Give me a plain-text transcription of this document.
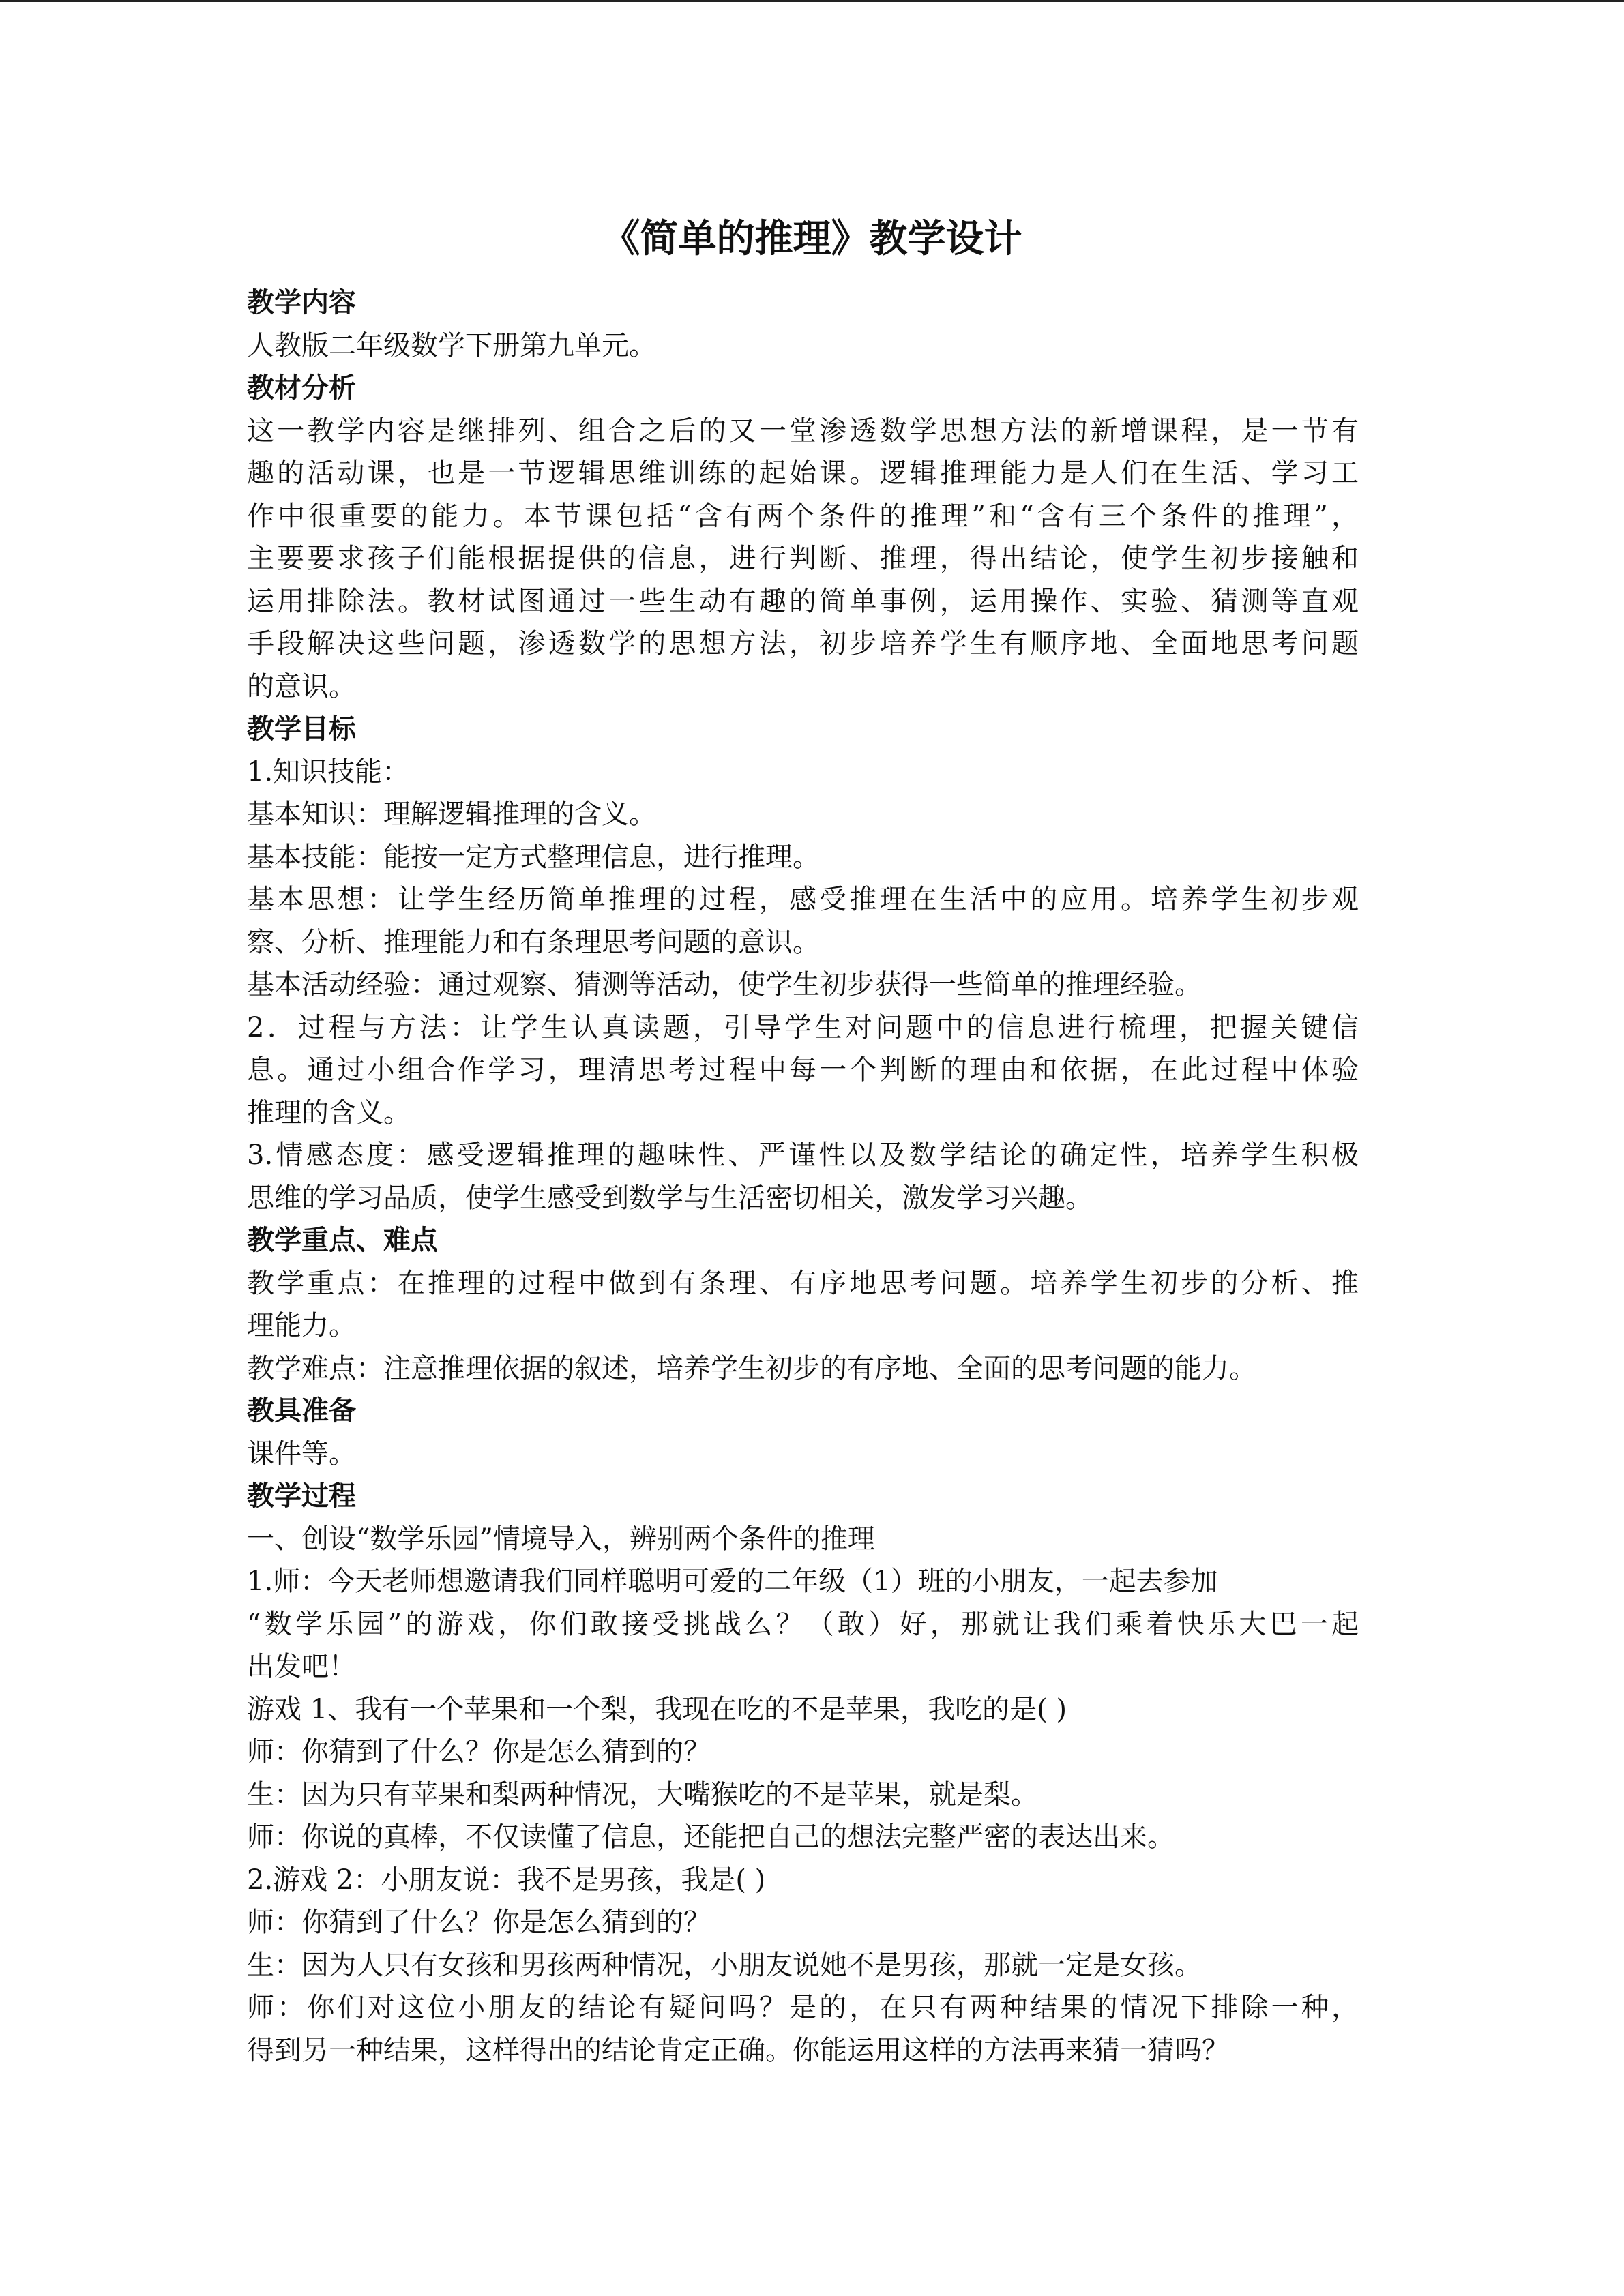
《简单的推理》教学设计
教学内容
人教版二年级数学下册第九单元。
教材分析
这一教学内容是继排列、组合之后的又一堂渗透数学思想方法的新增课程，是一节有
趣的活动课，也是一节逻辑思维训练的起始课。逻辑推理能力是人们在生活、学习工
作中很重要的能力。本节课包括“含有两个条件的推理”和“含有三个条件的推理”，
主要要求孩子们能根据提供的信息，进行判断、推理，得出结论，使学生初步接触和
运用排除法。教材试图通过一些生动有趣的简单事例，运用操作、实验、猜测等直观
手段解决这些问题，渗透数学的思想方法，初步培养学生有顺序地、全面地思考问题
的意识。
教学目标
1.知识技能：
基本知识：理解逻辑推理的含义。
基本技能：能按一定方式整理信息，进行推理。
基本思想：让学生经历简单推理的过程，感受推理在生活中的应用。培养学生初步观
察、分析、推理能力和有条理思考问题的意识。
基本活动经验：通过观察、猜测等活动，使学生初步获得一些简单的推理经验。
2．过程与方法：让学生认真读题，引导学生对问题中的信息进行梳理，把握关键信
息。通过小组合作学习，理清思考过程中每一个判断的理由和依据，在此过程中体验
推理的含义。
3.情感态度：感受逻辑推理的趣味性、严谨性以及数学结论的确定性，培养学生积极
思维的学习品质，使学生感受到数学与生活密切相关，激发学习兴趣。
教学重点、难点
教学重点：在推理的过程中做到有条理、有序地思考问题。培养学生初步的分析、推
理能力。
教学难点：注意推理依据的叙述，培养学生初步的有序地、全面的思考问题的能力。
教具准备
课件等。
教学过程
一、创设“数学乐园”情境导入，辨别两个条件的推理
1.师：今天老师想邀请我们同样聪明可爱的二年级（1）班的小朋友，一起去参加
“数学乐园”的游戏，你们敢接受挑战么？（敢）好，那就让我们乘着快乐大巴一起
出发吧！
游戏 1、我有一个苹果和一个梨，我现在吃的不是苹果，我吃的是( )
师：你猜到了什么？你是怎么猜到的？
生：因为只有苹果和梨两种情况，大嘴猴吃的不是苹果，就是梨。
师：你说的真棒，不仅读懂了信息，还能把自己的想法完整严密的表达出来。
2.游戏 2：小朋友说：我不是男孩，我是( )
师：你猜到了什么？你是怎么猜到的？
生：因为人只有女孩和男孩两种情况，小朋友说她不是男孩，那就一定是女孩。
师：你们对这位小朋友的结论有疑问吗？是的，在只有两种结果的情况下排除一种，
得到另一种结果，这样得出的结论肯定正确。你能运用这样的方法再来猜一猜吗？
